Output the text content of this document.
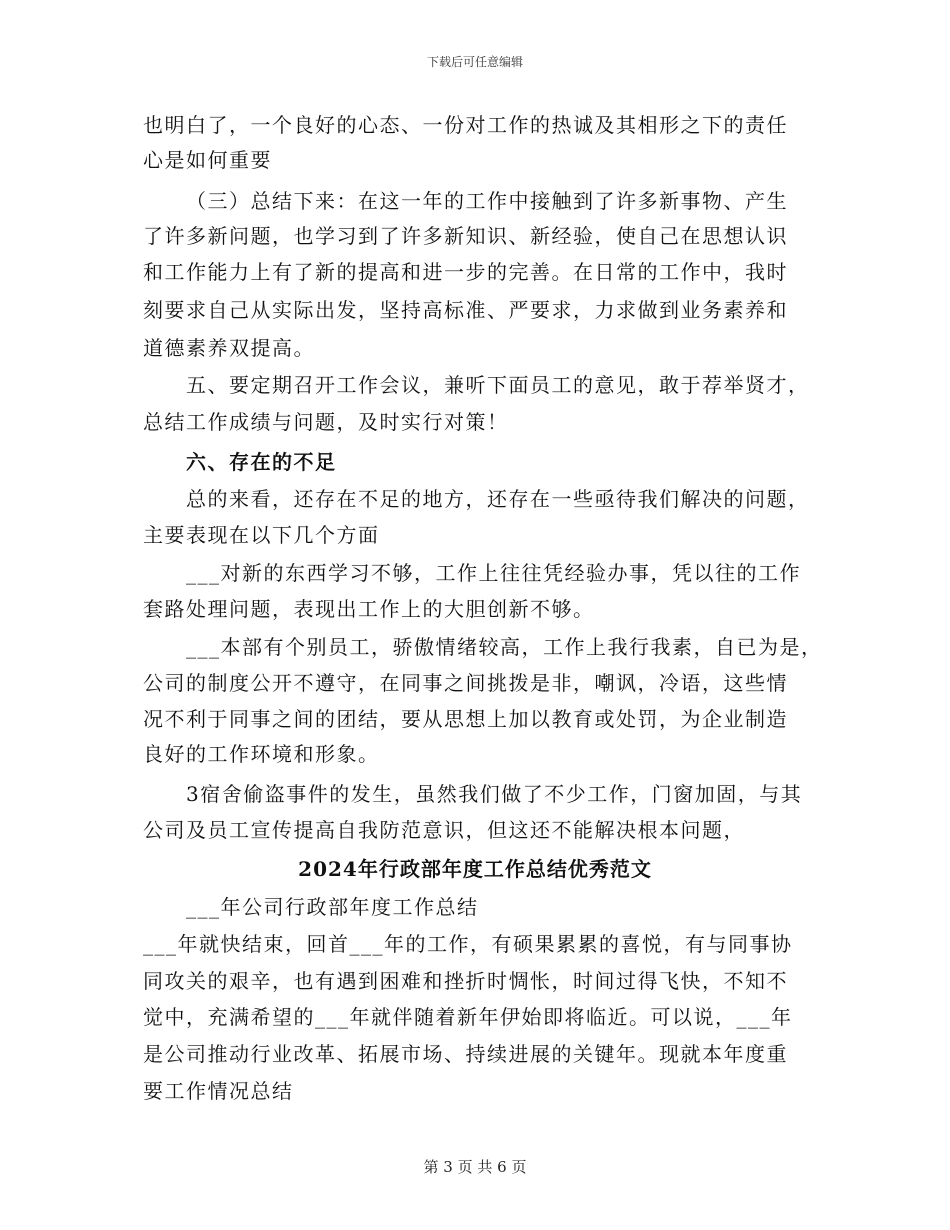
下载后可任意编辑
也明白了，一个良好的心态、一份对工作的热诚及其相形之下的责任
心是如何重要
（三）总结下来：在这一年的工作中接触到了许多新事物、产生
了许多新问题，也学习到了许多新知识、新经验，使自己在思想认识
和工作能力上有了新的提高和进一步的完善。在日常的工作中，我时
刻要求自己从实际出发，坚持高标准、严要求，力求做到业务素养和
道德素养双提高。
五、要定期召开工作会议，兼听下面员工的意见，敢于荐举贤才，
总结工作成绩与问题，及时实行对策！
六、存在的不足
总的来看，还存在不足的地方，还存在一些亟待我们解决的问题，
主要表现在以下几个方面
___对新的东西学习不够，工作上往往凭经验办事，凭以往的工作
套路处理问题，表现出工作上的大胆创新不够。
___本部有个别员工，骄傲情绪较高，工作上我行我素，自已为是，
公司的制度公开不遵守，在同事之间挑拨是非，嘲讽，冷语，这些情
况不利于同事之间的团结，要从思想上加以教育或处罚，为企业制造
良好的工作环境和形象。
3宿舍偷盗事件的发生，虽然我们做了不少工作，门窗加固，与其
公司及员工宣传提高自我防范意识，但这还不能解决根本问题，
2024年行政部年度工作总结优秀范文
___年公司行政部年度工作总结
___年就快结束，回首___年的工作，有硕果累累的喜悦，有与同事协
同攻关的艰辛，也有遇到困难和挫折时惆怅，时间过得飞快，不知不
觉中，充满希望的___年就伴随着新年伊始即将临近。可以说，___年
是公司推动行业改革、拓展市场、持续进展的关键年。现就本年度重
要工作情况总结
第 3 页 共 6 页
